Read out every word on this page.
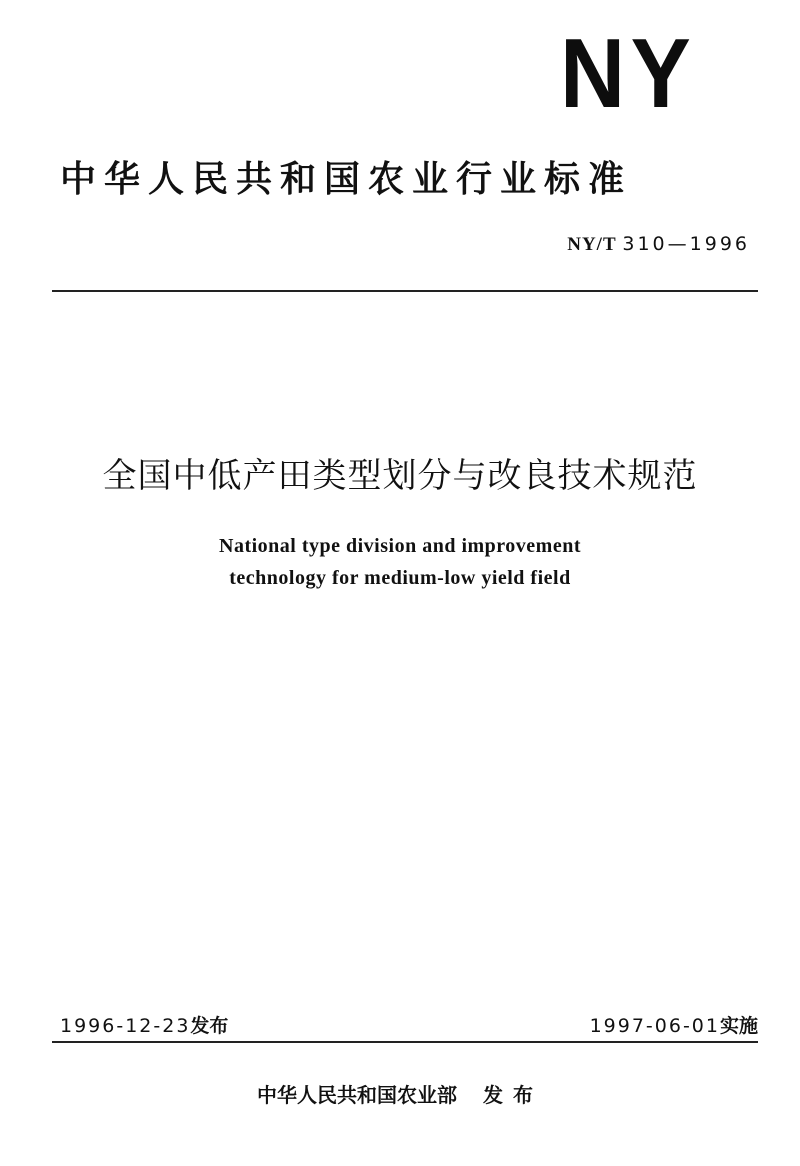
NY
中华人民共和国农业行业标准
NY/T 310—1996
全国中低产田类型划分与改良技术规范
National type division and improvement
technology for medium-low yield field
1996-12-23发布	1997-06-01实施
中华人民共和国农业部 发布
